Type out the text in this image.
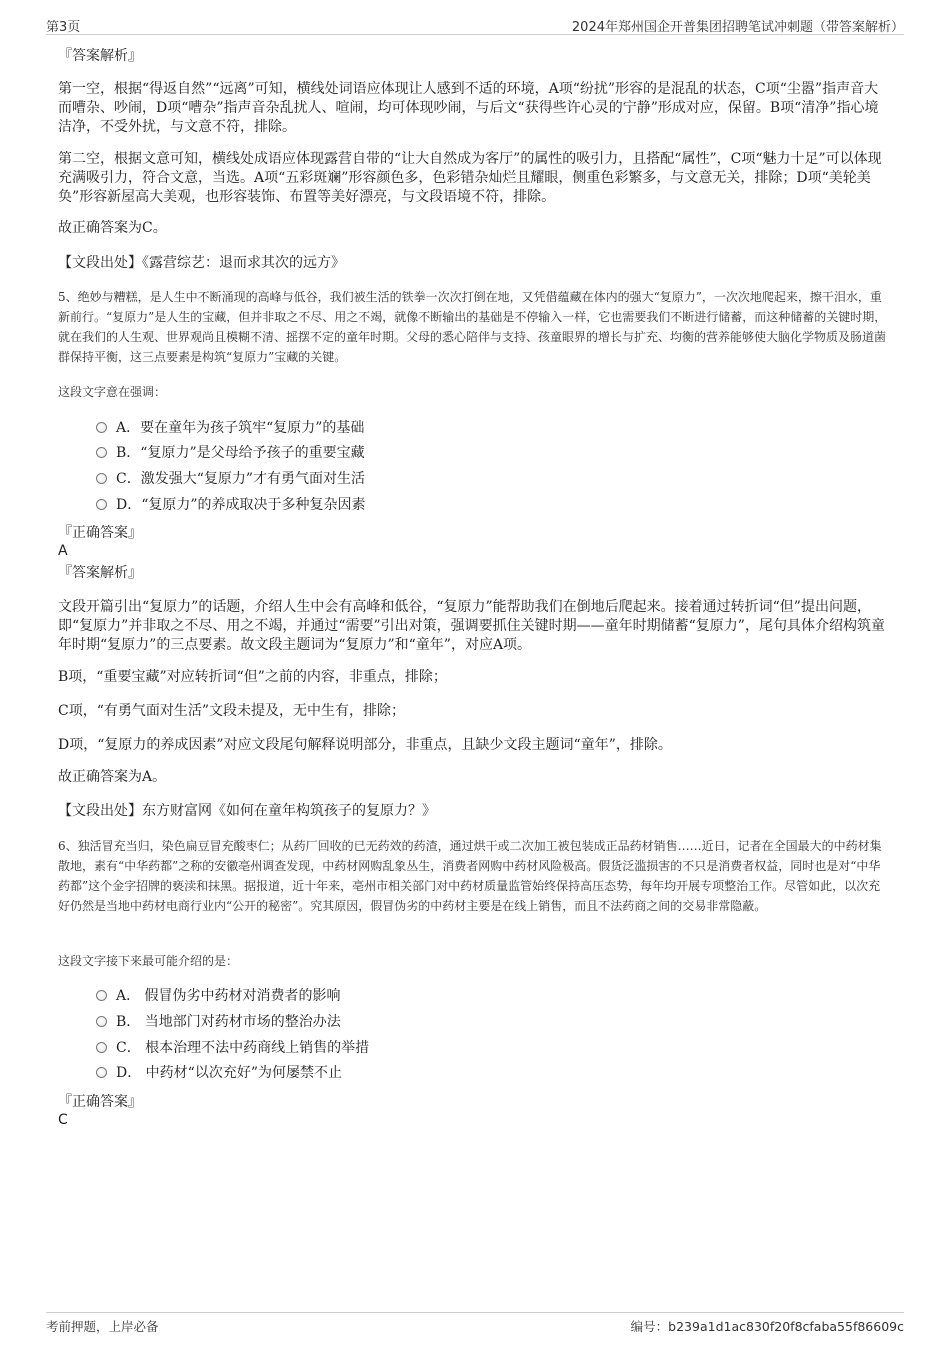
第3页	2024年郑州国企开普集团招聘笔试冲刺题（带答案解析）
『答案解析』
第一空，根据“得返自然”“远离”可知，横线处词语应体现让人感到不适的环境，A项“纷扰”形容的是混乱的状态，C项“尘嚣”指声音大而嘈杂、吵闹，D项“嘈杂”指声音杂乱扰人、喧闹，均可体现吵闹，与后文“获得些许心灵的宁静”形成对应，保留。B项“清净”指心境洁净，不受外扰，与文意不符，排除。
第二空，根据文意可知，横线处成语应体现露营自带的“让大自然成为客厅”的属性的吸引力，且搭配“属性”，C项“魅力十足”可以体现充满吸引力，符合文意，当选。A项“五彩斑斓”形容颜色多，色彩错杂灿烂且耀眼，侧重色彩繁多，与文意无关，排除；D项“美轮美奂”形容新屋高大美观，也形容装饰、布置等美好漂亮，与文段语境不符，排除。
故正确答案为C。
【文段出处】《露营综艺：退而求其次的远方》
5、绝妙与糟糕，是人生中不断涌现的高峰与低谷，我们被生活的铁拳一次次打倒在地，又凭借蕴藏在体内的强大“复原力”，一次次地爬起来，擦干泪水，重新前行。“复原力”是人生的宝藏，但并非取之不尽、用之不竭，就像不断输出的基础是不停输入一样，它也需要我们不断进行储蓄，而这种储蓄的关键时期，就在我们的人生观、世界观尚且模糊不清、摇摆不定的童年时期。父母的悉心陪伴与支持、孩童眼界的增长与扩充、均衡的营养能够使大脑化学物质及肠道菌群保持平衡，这三点要素是构筑“复原力”宝藏的关键。
这段文字意在强调：
A．要在童年为孩子筑牢“复原力”的基础
B．“复原力”是父母给予孩子的重要宝藏
C．激发强大“复原力”才有勇气面对生活
D．“复原力”的养成取决于多种复杂因素
『正确答案』
A
『答案解析』
文段开篇引出“复原力”的话题，介绍人生中会有高峰和低谷，“复原力”能帮助我们在倒地后爬起来。接着通过转折词“但”提出问题，即“复原力”并非取之不尽、用之不竭，并通过“需要”引出对策，强调要抓住关键时期——童年时期储蓄“复原力”，尾句具体介绍构筑童年时期“复原力”的三点要素。故文段主题词为“复原力”和“童年”，对应A项。
B项，“重要宝藏”对应转折词“但”之前的内容，非重点，排除；
C项，“有勇气面对生活”文段未提及，无中生有，排除；
D项，“复原力的养成因素”对应文段尾句解释说明部分，非重点，且缺少文段主题词“童年”，排除。
故正确答案为A。
【文段出处】东方财富网《如何在童年构筑孩子的复原力？》
6、独活冒充当归，染色扁豆冒充酸枣仁；从药厂回收的已无药效的药渣，通过烘干或二次加工被包装成正品药材销售……近日，记者在全国最大的中药材集散地，素有“中华药都”之称的安徽亳州调查发现，中药材网购乱象丛生，消费者网购中药材风险极高。假货泛滥损害的不只是消费者权益，同时也是对“中华药都”这个金字招牌的亵渎和抹黑。据报道，近十年来，亳州市相关部门对中药材质量监管始终保持高压态势，每年均开展专项整治工作。尽管如此，以次充好仍然是当地中药材电商行业内“公开的秘密”。究其原因，假冒伪劣的中药材主要是在线上销售，而且不法药商之间的交易非常隐蔽。
这段文字接下来最可能介绍的是：
A． 假冒伪劣中药材对消费者的影响
B． 当地部门对药材市场的整治办法
C． 根本治理不法中药商线上销售的举措
D． 中药材“以次充好”为何屡禁不止
『正确答案』
C
考前押题，上岸必备	编号：b239a1d1ac830f20f8cfaba55f86609c
